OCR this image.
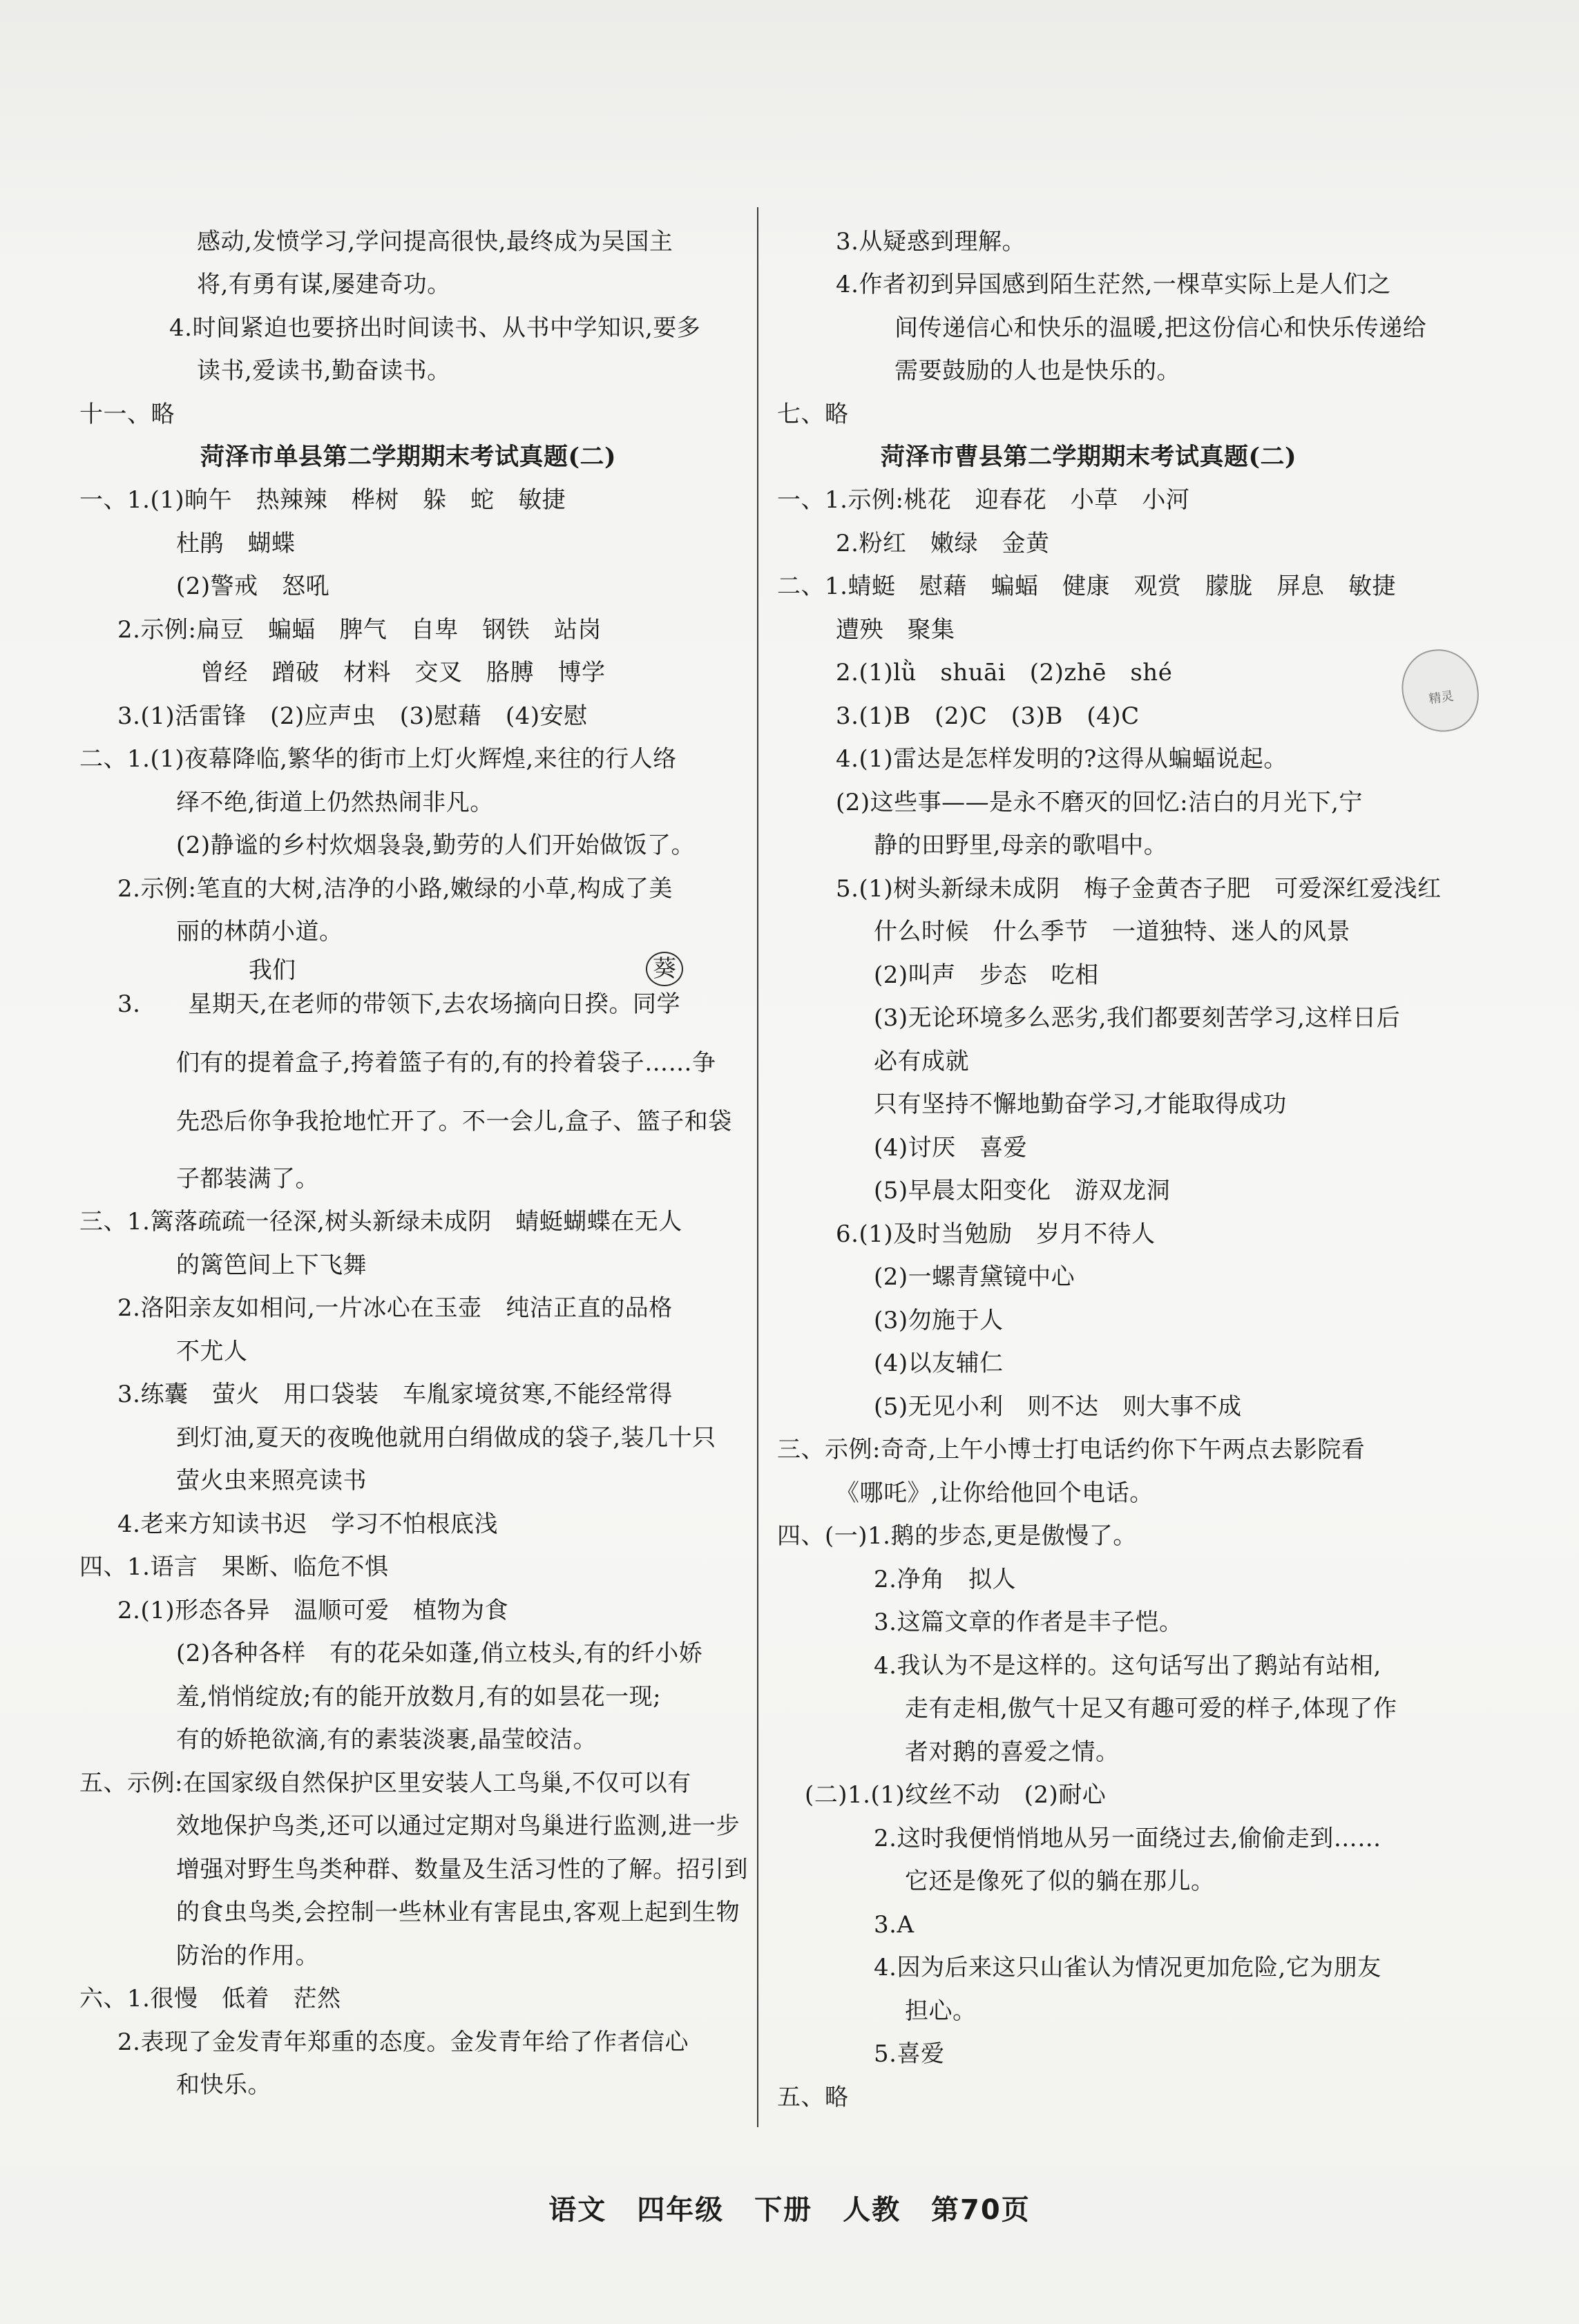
感动,发愤学习,学问提高很快,最终成为吴国主
将,有勇有谋,屡建奇功。
4.时间紧迫也要挤出时间读书、从书中学知识,要多
读书,爱读书,勤奋读书。
十一、略
菏泽市单县第二学期期末考试真题(二)
一、1.(1)晌午　热辣辣　桦树　躲　蛇　敏捷
杜鹃　蝴蝶
(2)警戒　怒吼
2.示例:扁豆　蝙蝠　脾气　自卑　钢铁　站岗
曾经　蹭破　材料　交叉　胳膊　博学
3.(1)活雷锋　(2)应声虫　(3)慰藉　(4)安慰
二、1.(1)夜幕降临,繁华的街市上灯火辉煌,来往的行人络
绎不绝,街道上仍然热闹非凡。
(2)静谧的乡村炊烟袅袅,勤劳的人们开始做饭了。
2.示例:笔直的大树,洁净的小路,嫩绿的小草,构成了美
丽的林荫小道。
我们	葵
3.　　星期天,在老师的带领下,去农场摘向日揆。同学
们有的提着盒子,挎着篮子有的,有的拎着袋子……争
先恐后你争我抢地忙开了。不一会儿,盒子、篮子和袋
子都装满了。
三、1.篱落疏疏一径深,树头新绿未成阴　蜻蜓蝴蝶在无人
的篱笆间上下飞舞
2.洛阳亲友如相问,一片冰心在玉壶　纯洁正直的品格
不尤人
3.练囊　萤火　用口袋装　车胤家境贫寒,不能经常得
到灯油,夏天的夜晚他就用白绢做成的袋子,装几十只
萤火虫来照亮读书
4.老来方知读书迟　学习不怕根底浅
四、1.语言　果断、临危不惧
2.(1)形态各异　温顺可爱　植物为食
(2)各种各样　有的花朵如蓬,俏立枝头,有的纤小娇
羞,悄悄绽放;有的能开放数月,有的如昙花一现;
有的娇艳欲滴,有的素装淡裹,晶莹皎洁。
五、示例:在国家级自然保护区里安装人工鸟巢,不仅可以有
效地保护鸟类,还可以通过定期对鸟巢进行监测,进一步
增强对野生鸟类种群、数量及生活习性的了解。招引到
的食虫鸟类,会控制一些林业有害昆虫,客观上起到生物
防治的作用。
六、1.很慢　低着　茫然
2.表现了金发青年郑重的态度。金发青年给了作者信心
和快乐。
3.从疑惑到理解。
4.作者初到异国感到陌生茫然,一棵草实际上是人们之
间传递信心和快乐的温暖,把这份信心和快乐传递给
需要鼓励的人也是快乐的。
七、略
菏泽市曹县第二学期期末考试真题(二)
一、1.示例:桃花　迎春花　小草　小河
2.粉红　嫩绿　金黄
二、1.蜻蜓　慰藉　蝙蝠　健康　观赏　朦胧　屏息　敏捷
遭殃　聚集
2.(1)lǜ　shuāi　(2)zhē　shé
3.(1)B　(2)C　(3)B　(4)C
4.(1)雷达是怎样发明的?这得从蝙蝠说起。
(2)这些事——是永不磨灭的回忆:洁白的月光下,宁
静的田野里,母亲的歌唱中。
5.(1)树头新绿未成阴　梅子金黄杏子肥　可爱深红爱浅红
什么时候　什么季节　一道独特、迷人的风景
(2)叫声　步态　吃相
(3)无论环境多么恶劣,我们都要刻苦学习,这样日后
必有成就
只有坚持不懈地勤奋学习,才能取得成功
(4)讨厌　喜爱
(5)早晨太阳变化　游双龙洞
6.(1)及时当勉励　岁月不待人
(2)一螺青黛镜中心
(3)勿施于人
(4)以友辅仁
(5)无见小利　则不达　则大事不成
三、示例:奇奇,上午小博士打电话约你下午两点去影院看
《哪吒》,让你给他回个电话。
四、(一)1.鹅的步态,更是傲慢了。
2.净角　拟人
3.这篇文章的作者是丰子恺。
4.我认为不是这样的。这句话写出了鹅站有站相,
走有走相,傲气十足又有趣可爱的样子,体现了作
者对鹅的喜爱之情。
(二)1.(1)纹丝不动　(2)耐心
2.这时我便悄悄地从另一面绕过去,偷偷走到……
它还是像死了似的躺在那儿。
3.A
4.因为后来这只山雀认为情况更加危险,它为朋友
担心。
5.喜爱
五、略
精灵
语文 四年级 下册 人教 第70页
